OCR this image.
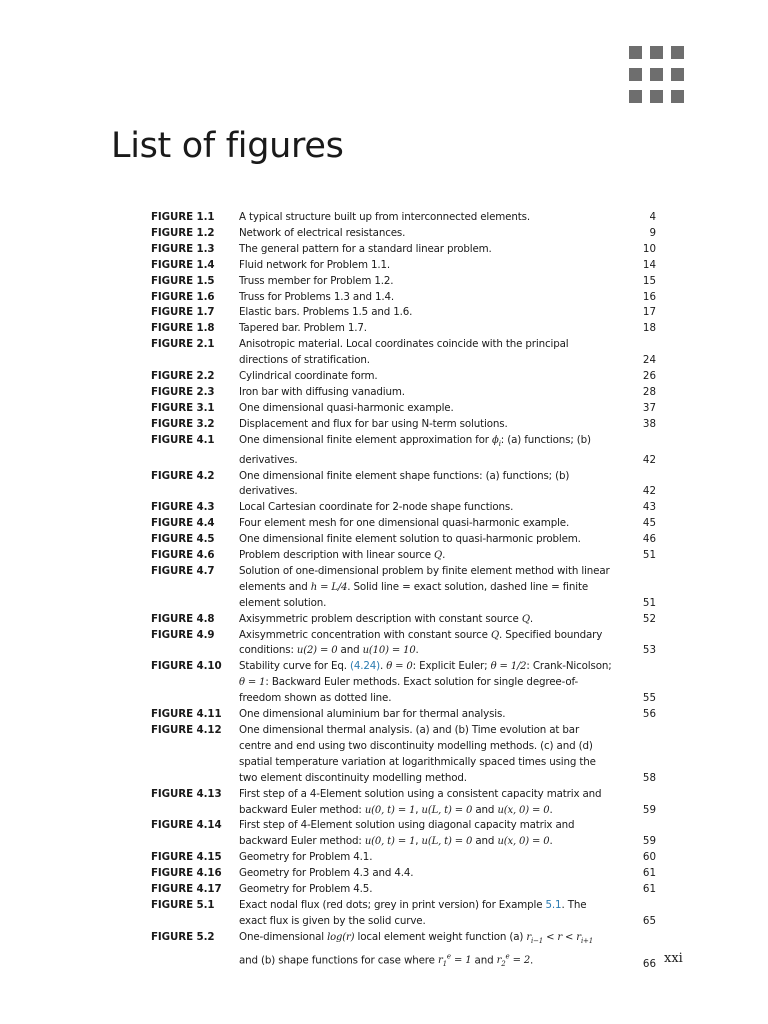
List of figures
FIGURE 1.1	A typical structure built up from interconnected elements.	4
FIGURE 1.2	Network of electrical resistances.	9
FIGURE 1.3	The general pattern for a standard linear problem.	10
FIGURE 1.4	Fluid network for Problem 1.1.	14
FIGURE 1.5	Truss member for Problem 1.2.	15
FIGURE 1.6	Truss for Problems 1.3 and 1.4.	16
FIGURE 1.7	Elastic bars. Problems 1.5 and 1.6.	17
FIGURE 1.8	Tapered bar. Problem 1.7.	18
FIGURE 2.1	Anisotropic material. Local coordinates coincide with the principal directions of stratification.	24
FIGURE 2.2	Cylindrical coordinate form.	26
FIGURE 2.3	Iron bar with diffusing vanadium.	28
FIGURE 3.1	One dimensional quasi-harmonic example.	37
FIGURE 3.2	Displacement and flux for bar using N-term solutions.	38
FIGURE 4.1	One dimensional finite element approximation for $\phi_i$: (a) functions; (b) derivatives.	42
FIGURE 4.2	One dimensional finite element shape functions: (a) functions; (b) derivatives.	42
FIGURE 4.3	Local Cartesian coordinate for 2-node shape functions.	43
FIGURE 4.4	Four element mesh for one dimensional quasi-harmonic example.	45
FIGURE 4.5	One dimensional finite element solution to quasi-harmonic problem.	46
FIGURE 4.6	Problem description with linear source Q.	51
FIGURE 4.7	Solution of one-dimensional problem by finite element method with linear elements and h = L/4. Solid line = exact solution, dashed line = finite element solution.	51
FIGURE 4.8	Axisymmetric problem description with constant source Q.	52
FIGURE 4.9	Axisymmetric concentration with constant source Q. Specified boundary conditions: u(2) = 0 and u(10) = 10.	53
FIGURE 4.10	Stability curve for Eq. (4.24). θ = 0: Explicit Euler; θ = 1/2: Crank-Nicolson; θ = 1: Backward Euler methods. Exact solution for single degree-of-freedom shown as dotted line.	55
FIGURE 4.11	One dimensional aluminium bar for thermal analysis.	56
FIGURE 4.12	One dimensional thermal analysis. (a) and (b) Time evolution at bar centre and end using two discontinuity modelling methods. (c) and (d) spatial temperature variation at logarithmically spaced times using the two element discontinuity modelling method.	58
FIGURE 4.13	First step of a 4-Element solution using a consistent capacity matrix and backward Euler method: u(0, t) = 1, u(L, t) = 0 and u(x, 0) = 0.	59
FIGURE 4.14	First step of 4-Element solution using diagonal capacity matrix and backward Euler method: u(0, t) = 1, u(L, t) = 0 and u(x, 0) = 0.	59
FIGURE 4.15	Geometry for Problem 4.1.	60
FIGURE 4.16	Geometry for Problem 4.3 and 4.4.	61
FIGURE 4.17	Geometry for Problem 4.5.	61
FIGURE 5.1	Exact nodal flux (red dots; grey in print version) for Example 5.1. The exact flux is given by the solid curve.	65
FIGURE 5.2	One-dimensional log(r) local element weight function (a) $r_{i-1} < r < r_{i+1}$ and (b) shape functions for case where $r_1^e = 1$ and $r_2^e = 2$.	66 xxi
